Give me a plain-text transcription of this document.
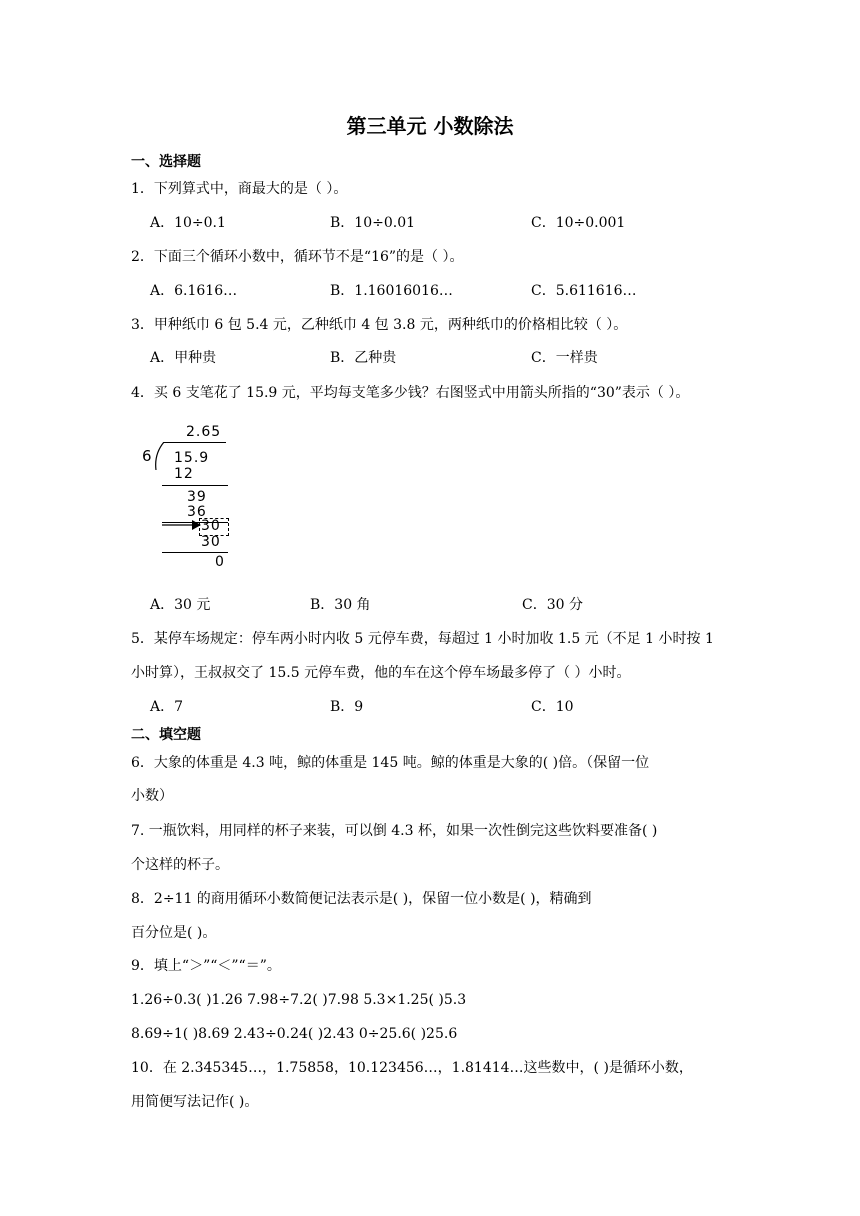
第三单元 小数除法
一、选择题
1．下列算式中，商最大的是（ ）。
A．10÷0.1	B．10÷0.01	C．10÷0.001
2．下面三个循环小数中，循环节不是“16”的是（ ）。
A．6.1616…	B．1.16016016…	C．5.611616…
3．甲种纸巾 6 包 5.4 元，乙种纸巾 4 包 3.8 元，两种纸巾的价格相比较（ ）。
A．甲种贵	B．乙种贵	C．一样贵
4．买 6 支笔花了 15.9 元，平均每支笔多少钱？右图竖式中用箭头所指的“30”表示（ ）。
2.65
6 15.9
12
39
36
30
30
0
A．30 元	B．30 角	C．30 分
5．某停车场规定：停车两小时内收 5 元停车费，每超过 1 小时加收 1.5 元（不足 1 小时按 1
小时算），王叔叔交了 15.5 元停车费，他的车在这个停车场最多停了（ ）小时。
A．7	B．9	C．10
二、填空题
6．大象的体重是 4.3 吨，鲸的体重是 145 吨。鲸的体重是大象的( )倍。（保留一位
小数）
7. 一瓶饮料，用同样的杯子来装，可以倒 4.3 杯，如果一次性倒完这些饮料要准备( )
个这样的杯子。
8．2÷11 的商用循环小数简便记法表示是( )，保留一位小数是( )，精确到
百分位是( )。
9．填上“＞”“＜”“＝”。
1.26÷0.3( )1.26 7.98÷7.2( )7.98 5.3×1.25( )5.3
8.69÷1( )8.69 2.43÷0.24( )2.43 0÷25.6( )25.6
10．在 2.345345…，1.75858，10.123456…，1.81414…这些数中，( )是循环小数，
用简便写法记作( )。
